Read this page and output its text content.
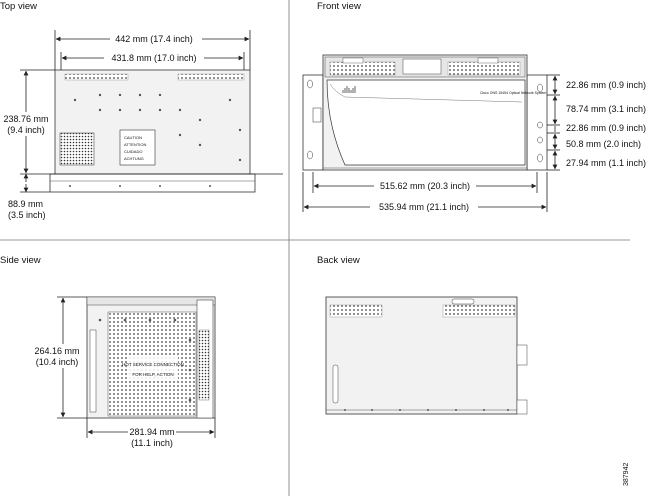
Top view
442 mm (17.4 inch)
431.8 mm (17.0 inch)
CAUTION
ATTENTION
CUIDADO
ACHTUNG
238.76 mm
(9.4 inch)
88.9 mm
(3.5 inch)
Front view
Cisco ONS 15454 Optical Network System
22.86 mm (0.9 inch)
78.74 mm (3.1 inch)
22.86 mm (0.9 inch)
50.8 mm (2.0 inch)
27.94 mm (1.1 inch)
515.62 mm (20.3 inch)
535.94 mm (21.1 inch)
Side view
HOT SERVICE CONNECTION
FOR HELP, ACTION
264.16 mm
(10.4 inch)
281.94 mm
(11.1 inch)
Back view
387942
